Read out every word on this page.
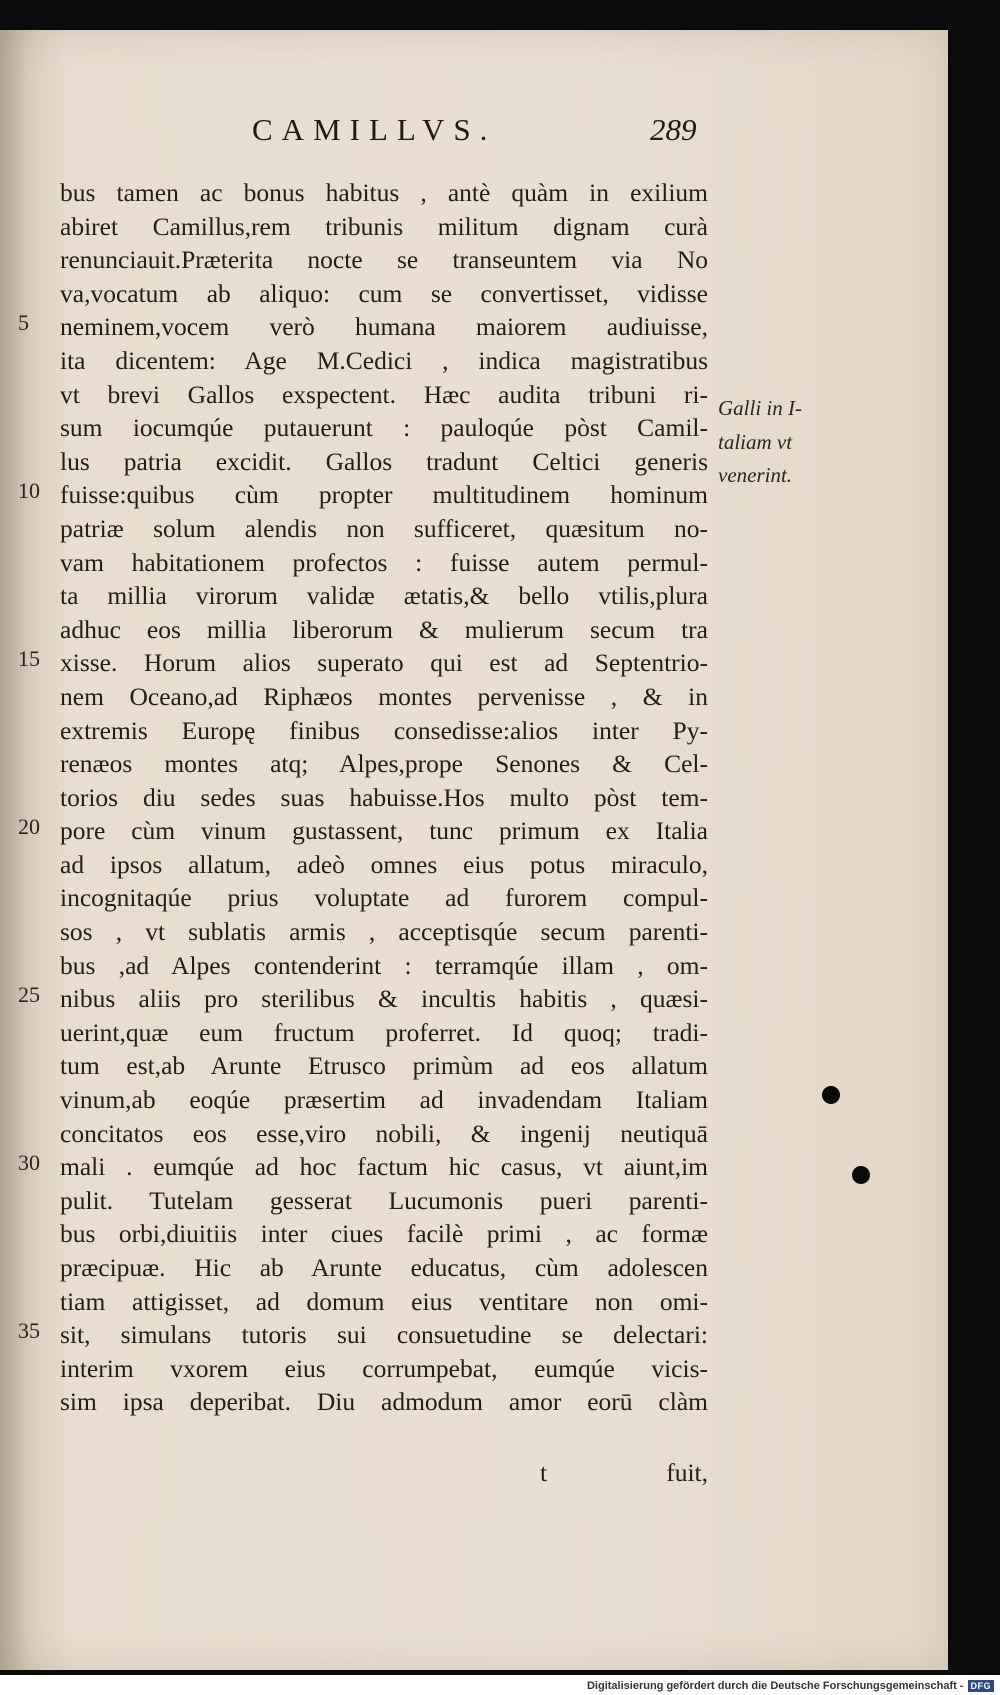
CAMILLVS.	289
5
10
15
20
25
30
35
bus tamen ac bonus habitus , antè quàm in exilium
abiret Camillus,rem tribunis militum dignam curà
renunciauit.Præterita nocte se transeuntem via No
va,vocatum ab aliquo: cum se convertisset, vidisse
neminem,vocem verò humana maiorem audiuisse,
ita dicentem: Age M.Cedici , indica magistratibus
vt brevi Gallos exspectent. Hæc audita tribuni ri-
sum iocumqúe putauerunt : pauloqúe pòst Camil-
lus patria excidit. Gallos tradunt Celtici generis
fuisse:quibus cùm propter multitudinem hominum
patriæ solum alendis non sufficeret, quæsitum no-
vam habitationem profectos : fuisse autem permul-
ta millia virorum validæ ætatis,& bello vtilis,plura
adhuc eos millia liberorum & mulierum secum tra
xisse. Horum alios superato qui est ad Septentrio-
nem Oceano,ad Riphæos montes pervenisse , & in
extremis Europę finibus consedisse:alios inter Py-
renæos montes atq; Alpes,prope Senones & Cel-
torios diu sedes suas habuisse.Hos multo pòst tem-
pore cùm vinum gustassent, tunc primum ex Italia
ad ipsos allatum, adeò omnes eius potus miraculo,
incognitaqúe prius voluptate ad furorem compul-
sos , vt sublatis armis , acceptisqúe secum parenti-
bus ,ad Alpes contenderint : terramqúe illam , om-
nibus aliis pro sterilibus & incultis habitis , quæsi-
uerint,quæ eum fructum proferret. Id quoq; tradi-
tum est,ab Arunte Etrusco primùm ad eos allatum
vinum,ab eoqúe præsertim ad invadendam Italiam
concitatos eos esse,viro nobili, & ingenij neutiquā
mali . eumqúe ad hoc factum hic casus, vt aiunt,im
pulit. Tutelam gesserat Lucumonis pueri parenti-
bus orbi,diuitiis inter ciues facilè primi , ac formæ
præcipuæ. Hic ab Arunte educatus, cùm adolescen
tiam attigisset, ad domum eius ventitare non omi-
sit, simulans tutoris sui consuetudine se delectari:
interim vxorem eius corrumpebat, eumqúe vicis-
sim ipsa deperibat. Diu admodum amor eorū clàm
t	fuit,
Galli in I-
taliam vt
venerint.
Digitalisierung gefördert durch die Deutsche Forschungsgemeinschaft - DFG
